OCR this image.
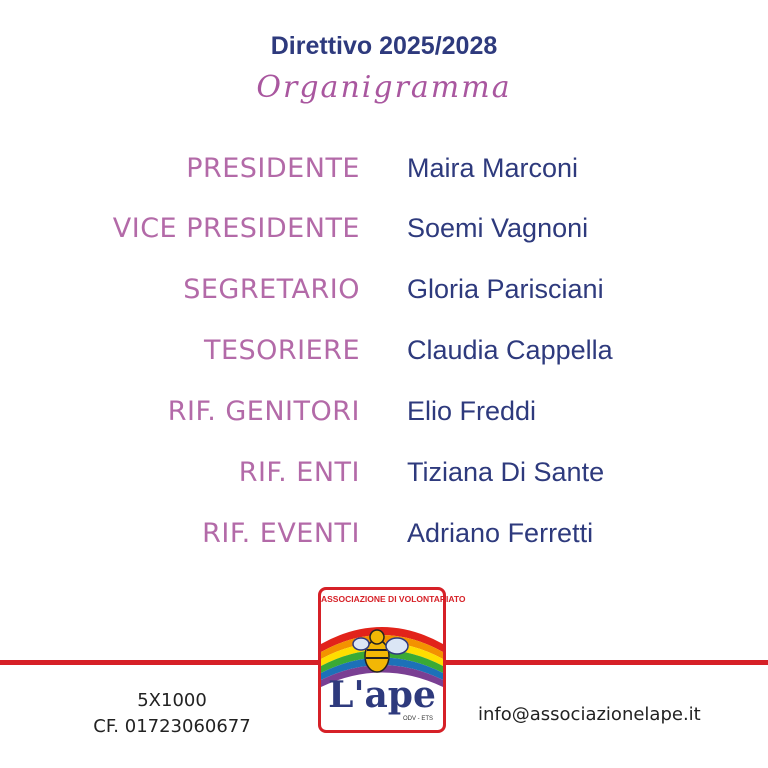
Direttivo 2025/2028
Organigramma
PRESIDENTE Maira Marconi
VICE PRESIDENTE Soemi Vagnoni
SEGRETARIO Gloria Parisciani
TESORIERE Claudia Cappella
RIF. GENITORI Elio Freddi
RIF. ENTI Tiziana Di Sante
RIF. EVENTI Adriano Ferretti
ASSOCIAZIONE DI VOLONTARIATO
L'ape
ODV - ETS
5X1000
CF. 01723060677
info@associazionelape.it
